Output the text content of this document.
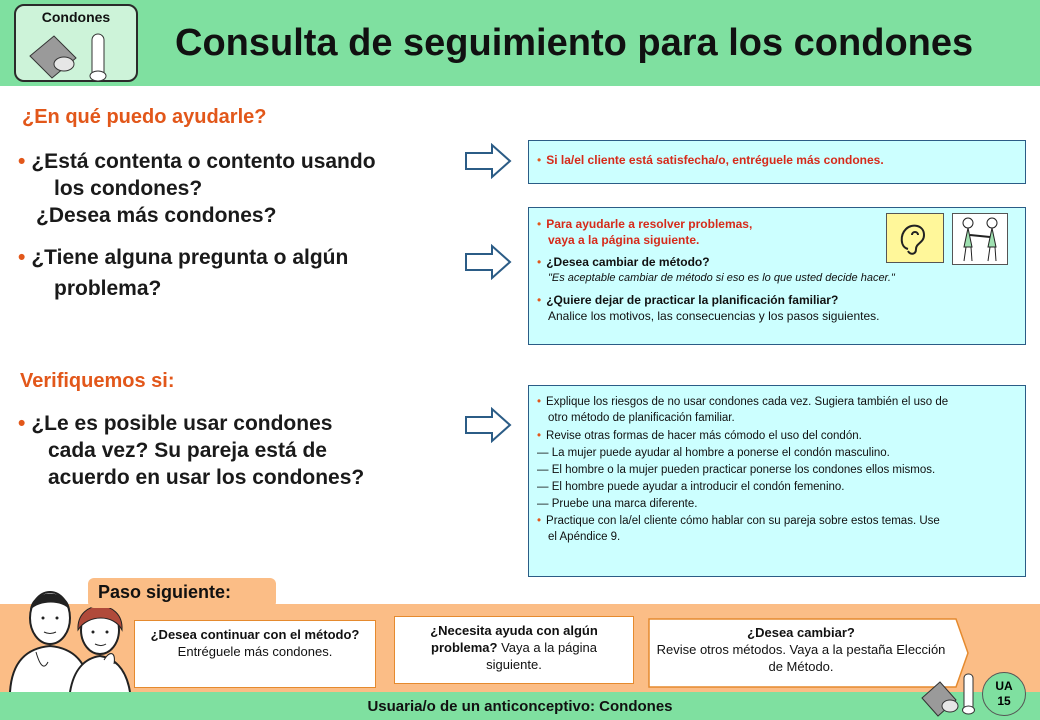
Condones
Consulta de seguimiento para los condones
¿En qué puedo ayudarle?
• ¿Está contenta o contento usando
los condones?
¿Desea más condones?
• ¿Tiene alguna pregunta o algún
problema?
Verifiquemos si:
• ¿Le es posible usar condones
cada vez? Su pareja está de
acuerdo en usar los condones?
• Si la/el cliente está satisfecha/o, entréguele más condones.
• Para ayudarle a resolver problemas,
vaya a la página siguiente.
• ¿Desea cambiar de método?
"Es aceptable cambiar de método si eso es lo que usted decide hacer."
• ¿Quiere dejar de practicar la planificación familiar?
Analice los motivos, las consecuencias y los pasos siguientes.
• Explique los riesgos de no usar condones cada vez. Sugiera también el uso de
otro método de planificación familiar.
• Revise otras formas de hacer más cómodo el uso del condón.
— La mujer puede ayudar al hombre a ponerse el condón masculino.
— El hombre o la mujer pueden practicar ponerse los condones ellos mismos.
— El hombre puede ayudar a introducir el condón femenino.
— Pruebe una marca diferente.
• Practique con la/el cliente cómo hablar con su pareja sobre estos temas. Use
el Apéndice 9.
Paso siguiente:
¿Desea continuar con el método?
Entréguele más condones.
¿Necesita ayuda con algún problema? Vaya a la página siguiente.
¿Desea cambiar?
Revise otros métodos. Vaya a la pestaña Elección de Método.
Usuaria/o de un anticonceptivo: Condones
UA
15
